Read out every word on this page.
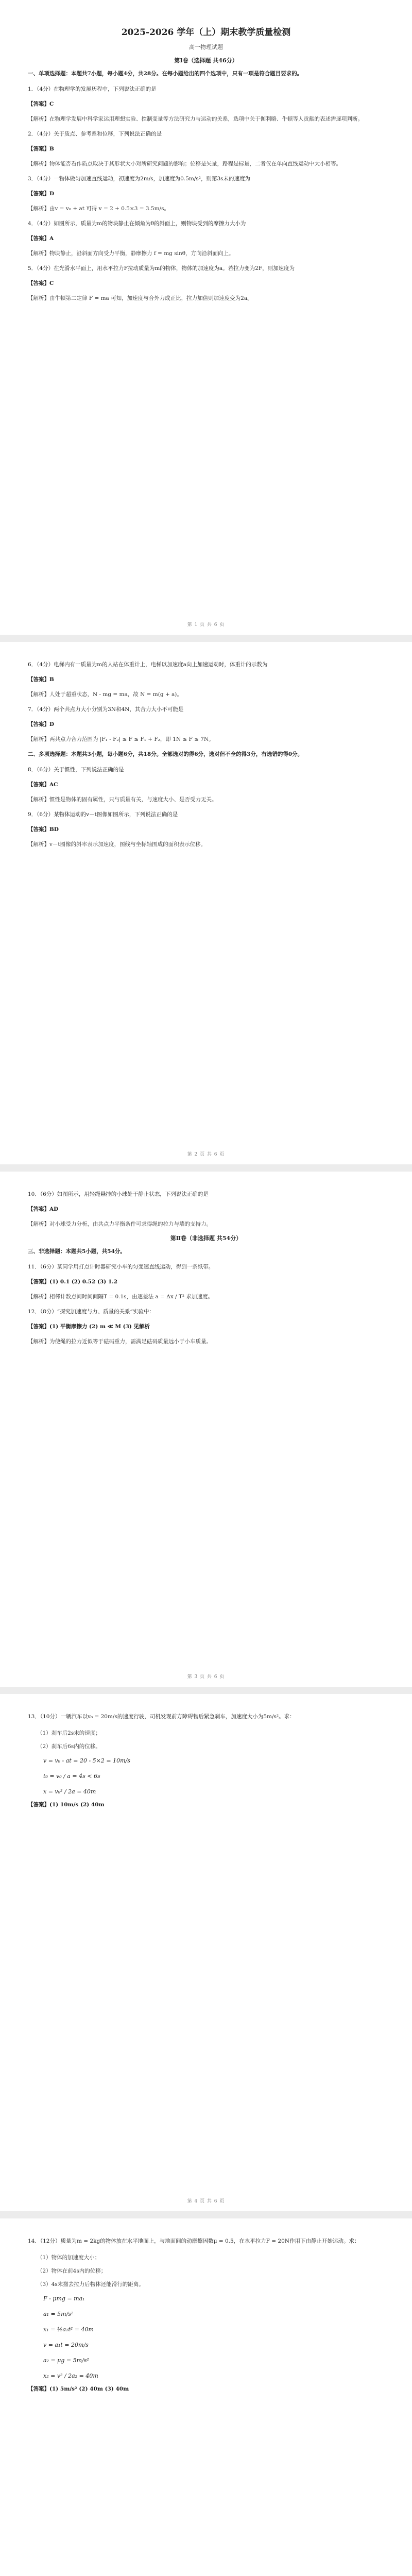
2025-2026 学年（上）期末教学质量检测
高一物理试题
第Ⅰ卷（选择题 共46分）
一、单项选择题：本题共7小题，每小题4分，共28分。在每小题给出的四个选项中，只有一项是符合题目要求的。
1．（4分）在物理学的发展历程中，下列说法正确的是
【答案】C
【解析】在物理学发展中科学家运用理想实验、控制变量等方法研究力与运动的关系，选项中关于伽利略、牛顿等人贡献的表述需逐项判断。
2．（4分）关于质点、参考系和位移，下列说法正确的是
【答案】B
【解析】物体能否看作质点取决于其形状大小对所研究问题的影响；位移是矢量，路程是标量，二者仅在单向直线运动中大小相等。
3．（4分）一物体做匀加速直线运动，初速度为2m/s，加速度为0.5m/s²，则第3s末的速度为
【答案】D
【解析】由v = v₀ + at 可得 v = 2 + 0.5×3 = 3.5m/s。
4．（4分）如图所示，质量为m的物块静止在倾角为θ的斜面上，则物块受到的摩擦力大小为
【答案】A
【解析】物块静止，沿斜面方向受力平衡，静摩擦力 f = mg sinθ，方向沿斜面向上。
5．（4分）在光滑水平面上，用水平拉力F拉动质量为m的物体，物体的加速度为a。若拉力变为2F，则加速度为
【答案】C
【解析】由牛顿第二定律 F = ma 可知，加速度与合外力成正比，拉力加倍则加速度变为2a。
第 1 页 共 6 页
6．（4分）电梯内有一质量为m的人站在体重计上，电梯以加速度a向上加速运动时，体重计的示数为
【答案】B
【解析】人处于超重状态，N - mg = ma，故 N = m(g + a)。
7．（4分）两个共点力大小分别为3N和4N，其合力大小不可能是
【答案】D
【解析】两共点力合力范围为 |F₁ - F₂| ≤ F ≤ F₁ + F₂，即 1N ≤ F ≤ 7N。
二、多项选择题：本题共3小题，每小题6分，共18分。全部选对的得6分，选对但不全的得3分，有选错的得0分。
8．（6分）关于惯性，下列说法正确的是
【答案】AC
【解析】惯性是物体的固有属性，只与质量有关，与速度大小、是否受力无关。
9．（6分）某物体运动的v－t图像如图所示，下列说法正确的是
【答案】BD
【解析】v－t图像的斜率表示加速度，图线与坐标轴围成的面积表示位移。
第 2 页 共 6 页
10．（6分）如图所示，用轻绳悬挂的小球处于静止状态，下列说法正确的是
【答案】AD
【解析】对小球受力分析，由共点力平衡条件可求得绳的拉力与墙的支持力。
第Ⅱ卷（非选择题 共54分）
三、非选择题：本题共5小题，共54分。
11．（6分）某同学用打点计时器研究小车的匀变速直线运动，得到一条纸带。
【答案】(1) 0.1 (2) 0.52 (3) 1.2
【解析】相邻计数点间时间间隔T = 0.1s，由逐差法 a = Δx / T² 求加速度。
12．（8分）“探究加速度与力、质量的关系”实验中：
【答案】(1) 平衡摩擦力 (2) m ≪ M (3) 见解析
【解析】为使绳的拉力近似等于砝码重力，需满足砝码质量远小于小车质量。
第 3 页 共 6 页
13．（10分）一辆汽车以v₀ = 20m/s的速度行驶，司机发现前方障碍物后紧急刹车，加速度大小为5m/s²。求：
（1）刹车后2s末的速度；
（2）刹车后6s内的位移。
v = v₀ - at = 20 - 5×2 = 10m/s
t₀ = v₀ / a = 4s < 6s
x = v₀² / 2a = 40m
【答案】(1) 10m/s (2) 40m
第 4 页 共 6 页
14．（12分）质量为m = 2kg的物体放在水平地面上，与地面间的动摩擦因数μ = 0.5，在水平拉力F = 20N作用下由静止开始运动。求：
（1）物体的加速度大小；
（2）物体在前4s内的位移；
（3）4s末撤去拉力后物体还能滑行的距离。
F - μmg = ma₁
a₁ = 5m/s²
x₁ = ½a₁t² = 40m
v = a₁t = 20m/s
a₂ = μg = 5m/s²
x₂ = v² / 2a₂ = 40m
【答案】(1) 5m/s² (2) 40m (3) 40m
